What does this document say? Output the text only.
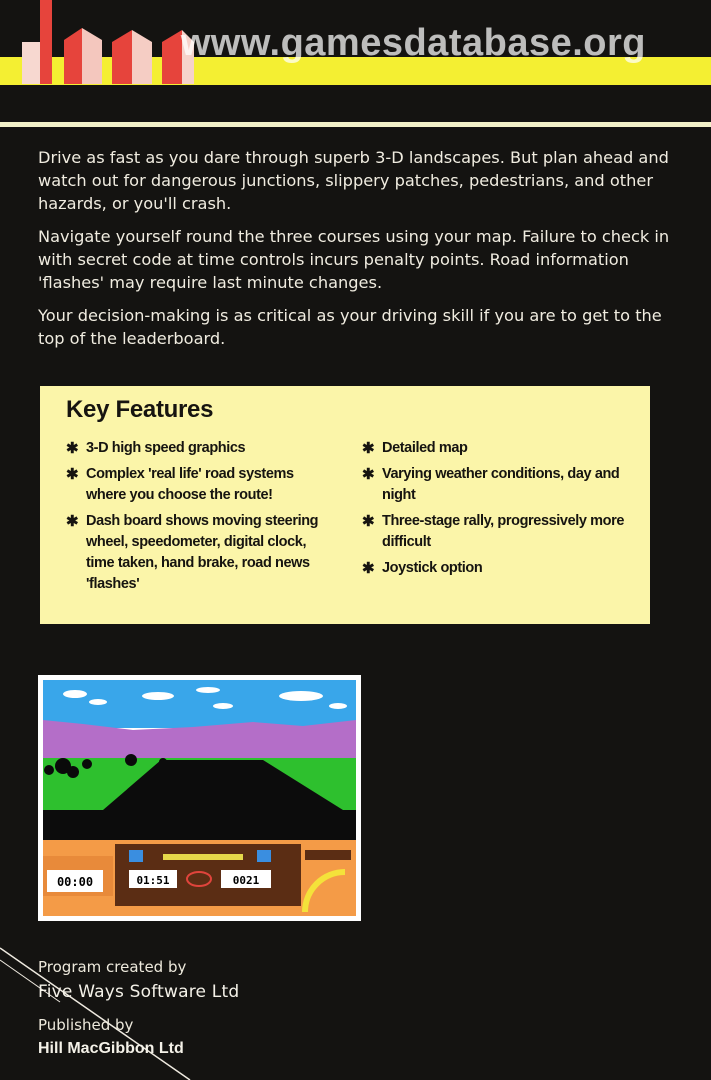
www.gamesdatabase.org

Drive as fast as you dare through superb 3-D landscapes. But plan ahead and watch out for dangerous junctions, slippery patches, pedestrians, and other hazards, or you'll crash.

Navigate yourself round the three courses using your map. Failure to check in with secret code at time controls incurs penalty points. Road information 'flashes' may require last minute changes.

Your decision-making is as critical as your driving skill if you are to get to the top of the leaderboard.

Key Features
✱ 3-D high speed graphics
✱ Complex 'real life' road systems where you choose the route!
✱ Dash board shows moving steering wheel, speedometer, digital clock, time taken, hand brake, road news 'flashes'
✱ Detailed map
✱ Varying weather conditions, day and night
✱ Three-stage rally, progressively more difficult
✱ Joystick option
00:00	01:51	0021
Program created by
Five Ways Software Ltd
Published by
Hill MacGibbon Ltd
